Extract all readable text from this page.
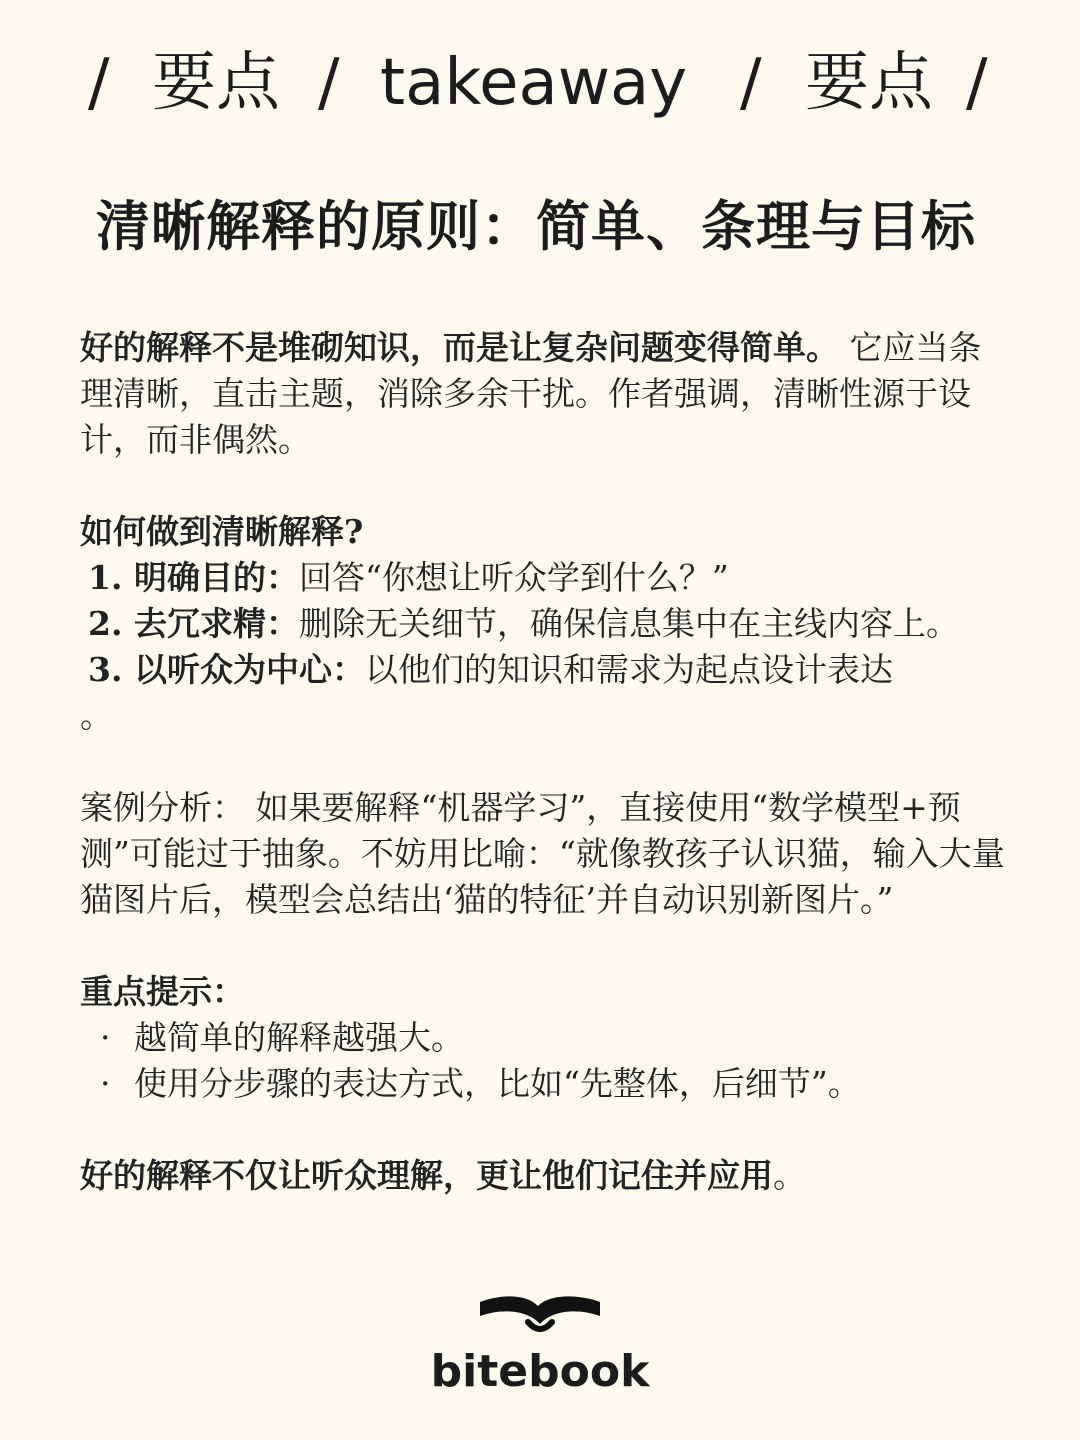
/ 要点 / takeaway / 要点 /
清晰解释的原则：简单、条理与目标

好的解释不是堆砌知识，而是让复杂问题变得简单。 它应当条理清晰，直击主题，消除多余干扰。作者强调，清晰性源于设计，而非偶然。

如何做到清晰解释?

1. 明确目的：回答“你想让听众学到什么？”
2. 去冗求精：删除无关细节，确保信息集中在主线内容上。
3. 以听众为中心：以他们的知识和需求为起点设计表达

。

案例分析： 如果要解释“机器学习”，直接使用“数学模型+预测”可能过于抽象。不妨用比喻：“就像教孩子认识猫，输入大量猫图片后，模型会总结出‘猫的特征’并自动识别新图片。”

重点提示：

· 越简单的解释越强大。
· 使用分步骤的表达方式，比如“先整体，后细节”。

好的解释不仅让听众理解，更让他们记住并应用。

bitebook
